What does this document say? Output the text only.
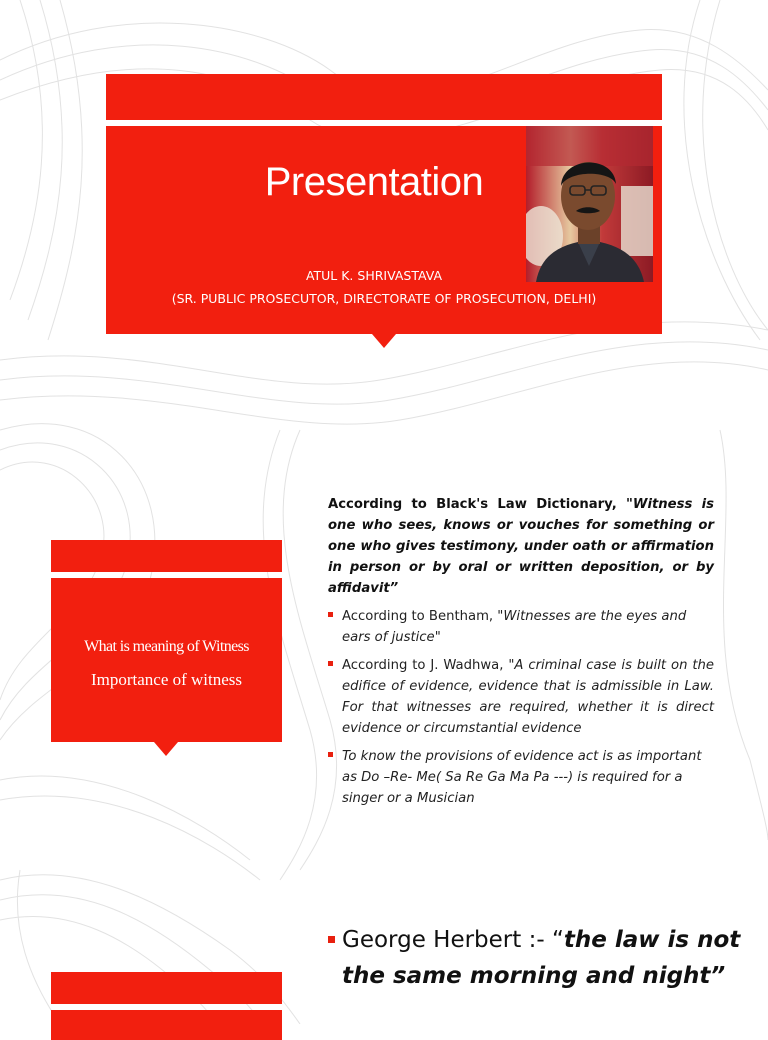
Presentation
ATUL K. SHRIVASTAVA
(SR. PUBLIC PROSECUTOR, DIRECTORATE OF PROSECUTION, DELHI)
What is meaning of Witness
Importance of witness
According to Black's Law Dictionary, "Witness is one who sees, knows or vouches for something or one who gives testimony, under oath or affirmation in person or by oral or written deposition, or by affidavit”
According to Bentham, "Witnesses are the eyes and ears of justice"
According to J. Wadhwa, "A criminal case is built on the edifice of evidence, evidence that is admissible in Law. For that witnesses are required, whether it is direct evidence or circumstantial evidence
To know the provisions of evidence act is as important as Do –Re- Me( Sa Re Ga Ma Pa ---) is required for a singer or a Musician
George Herbert :- “the law is not the same morning and night”
